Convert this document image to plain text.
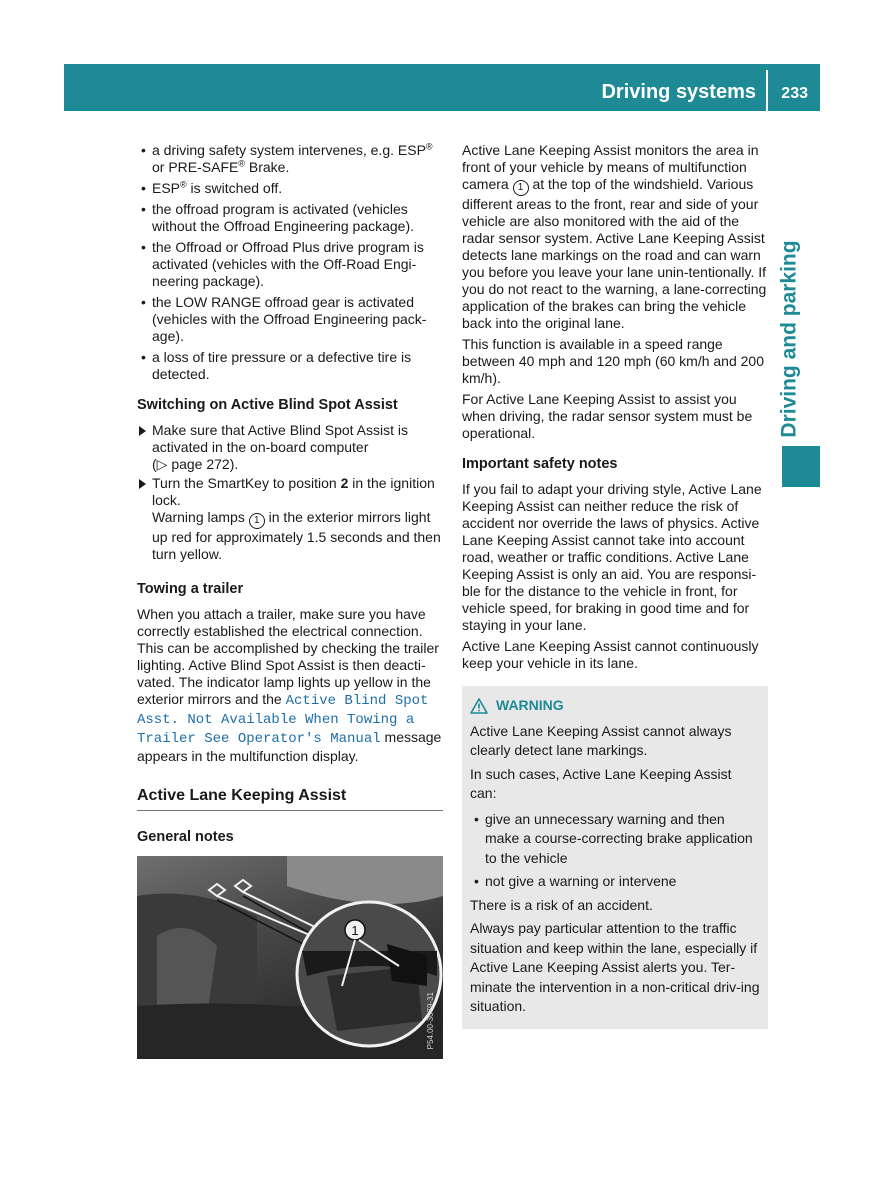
Driving systems 233
Driving and parking
• a driving safety system intervenes, e.g. ESP® or PRE-SAFE® Brake.
• ESP® is switched off.
• the offroad program is activated (vehicles without the Offroad Engineering package).
• the Offroad or Offroad Plus drive program is activated (vehicles with the Off-Road Engi-neering package).
• the LOW RANGE offroad gear is activated (vehicles with the Offroad Engineering pack-age).
• a loss of tire pressure or a defective tire is detected.
Switching on Active Blind Spot Assist
Make sure that Active Blind Spot Assist is activated in the on-board computer
(▷ page 272).
Turn the SmartKey to position 2 in the ignition lock.
Warning lamps 1 in the exterior mirrors light up red for approximately 1.5 seconds and then turn yellow.
Towing a trailer

When you attach a trailer, make sure you have correctly established the electrical connection. This can be accomplished by checking the trailer lighting. Active Blind Spot Assist is then deacti-vated. The indicator lamp lights up yellow in the exterior mirrors and the Active Blind Spot Asst. Not Available When Towing a Trailer See Operator's Manual message appears in the multifunction display.

Active Lane Keeping Assist
General notes
1
P54.00-3079-31

Active Lane Keeping Assist monitors the area in front of your vehicle by means of multifunction camera 1 at the top of the windshield. Various different areas to the front, rear and side of your vehicle are also monitored with the aid of the radar sensor system. Active Lane Keeping Assist detects lane markings on the road and can warn you before you leave your lane unin-tentionally. If you do not react to the warning, a lane-correcting application of the brakes can bring the vehicle back into the original lane.

This function is available in a speed range between 40 mph and 120 mph (60 km/h and 200 km/h).

For Active Lane Keeping Assist to assist you when driving, the radar sensor system must be operational.

Important safety notes

If you fail to adapt your driving style, Active Lane Keeping Assist can neither reduce the risk of accident nor override the laws of physics. Active Lane Keeping Assist cannot take into account road, weather or traffic conditions. Active Lane Keeping Assist is only an aid. You are responsi-ble for the distance to the vehicle in front, for vehicle speed, for braking in good time and for staying in your lane.

Active Lane Keeping Assist cannot continuously keep your vehicle in its lane.

WARNING

Active Lane Keeping Assist cannot always clearly detect lane markings.

In such cases, Active Lane Keeping Assist can:

• give an unnecessary warning and then make a course-correcting brake application to the vehicle
• not give a warning or intervene

There is a risk of an accident.

Always pay particular attention to the traffic situation and keep within the lane, especially if Active Lane Keeping Assist alerts you. Ter-minate the intervention in a non-critical driv-ing situation.
